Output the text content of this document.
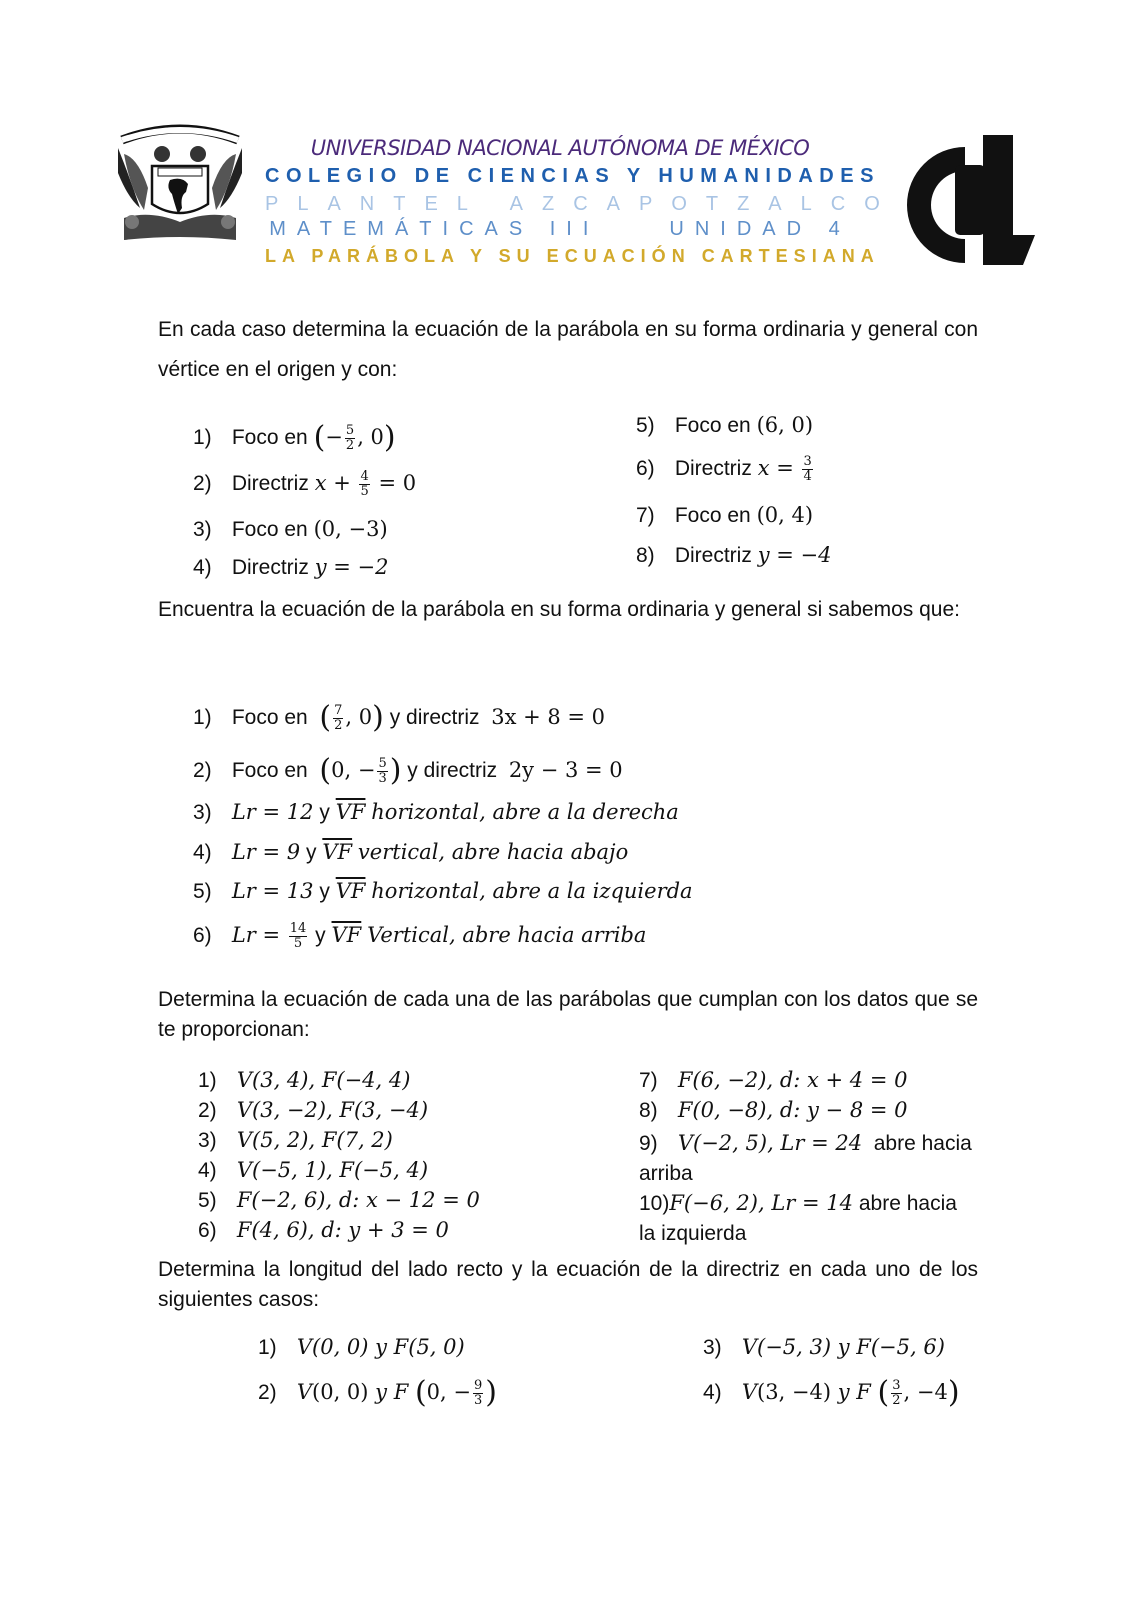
UNIVERSIDAD NACIONAL AUTÓNOMA DE MÉXICO
COLEGIO DE CIENCIAS Y HUMANIDADES
PLANTEL AZCAPOTZALCO
MATEMÁTICAS III	UNIDAD 4
LA PARÁBOLA Y SU ECUACIÓN CARTESIANA
En cada caso determina la ecuación de la parábola en su forma ordinaria y general con vértice en el origen y con:
1) Foco en (− $\frac{5}{2}$ , 0)
2) Directriz $x + \frac{4}{5} = 0$
3) Foco en (0, −3)
4) Directriz y = −2
5) Foco en (6, 0)
6) Directriz $x = \frac{3}{4}$
7) Foco en (0, 4)
8) Directriz y = −4
Encuentra la ecuación de la parábola en su forma ordinaria y general si sabemos que:
1) Foco en ( $\frac{7}{2}$ , 0) y directriz 3x + 8 = 0
2) Foco en (0, − $\frac{5}{3}$ ) y directriz 2y − 3 = 0
3) Lr = 12 y $\overline{VF}$ horizontal, abre a la derecha
4) Lr = 9 y $\overline{VF}$ vertical, abre hacia abajo
5) Lr = 13 y $\overline{VF}$ horizontal, abre a la izquierda
6) $Lr = \frac{14}{5}$ y $\overline{VF}$ Vertical, abre hacia arriba
Determina la ecuación de cada una de las parábolas que cumplan con los datos que se te proporcionan:
1) V(3, 4), F(−4, 4)
2) V(3, −2), F(3, −4)
3) V(5, 2), F(7, 2)
4) V(−5, 1), F(−5, 4)
5) F(−2, 6), d: x − 12 = 0
6) F(4, 6), d: y + 3 = 0
7) F(6, −2), d: x + 4 = 0
8) F(0, −8), d: y − 8 = 0
9) V(−2, 5), Lr = 24 abre hacia arriba
10)F(−6, 2), Lr = 14 abre hacia la izquierda
Determina la longitud del lado recto y la ecuación de la directriz en cada uno de los siguientes casos:
1) V(0, 0) y F(5, 0)
2) V(0, 0) y F (0, − $\frac{9}{3}$ )
3) V(−5, 3) y F(−5, 6)
4) V(3, −4) y F ( $\frac{3}{2}$ , −4)
